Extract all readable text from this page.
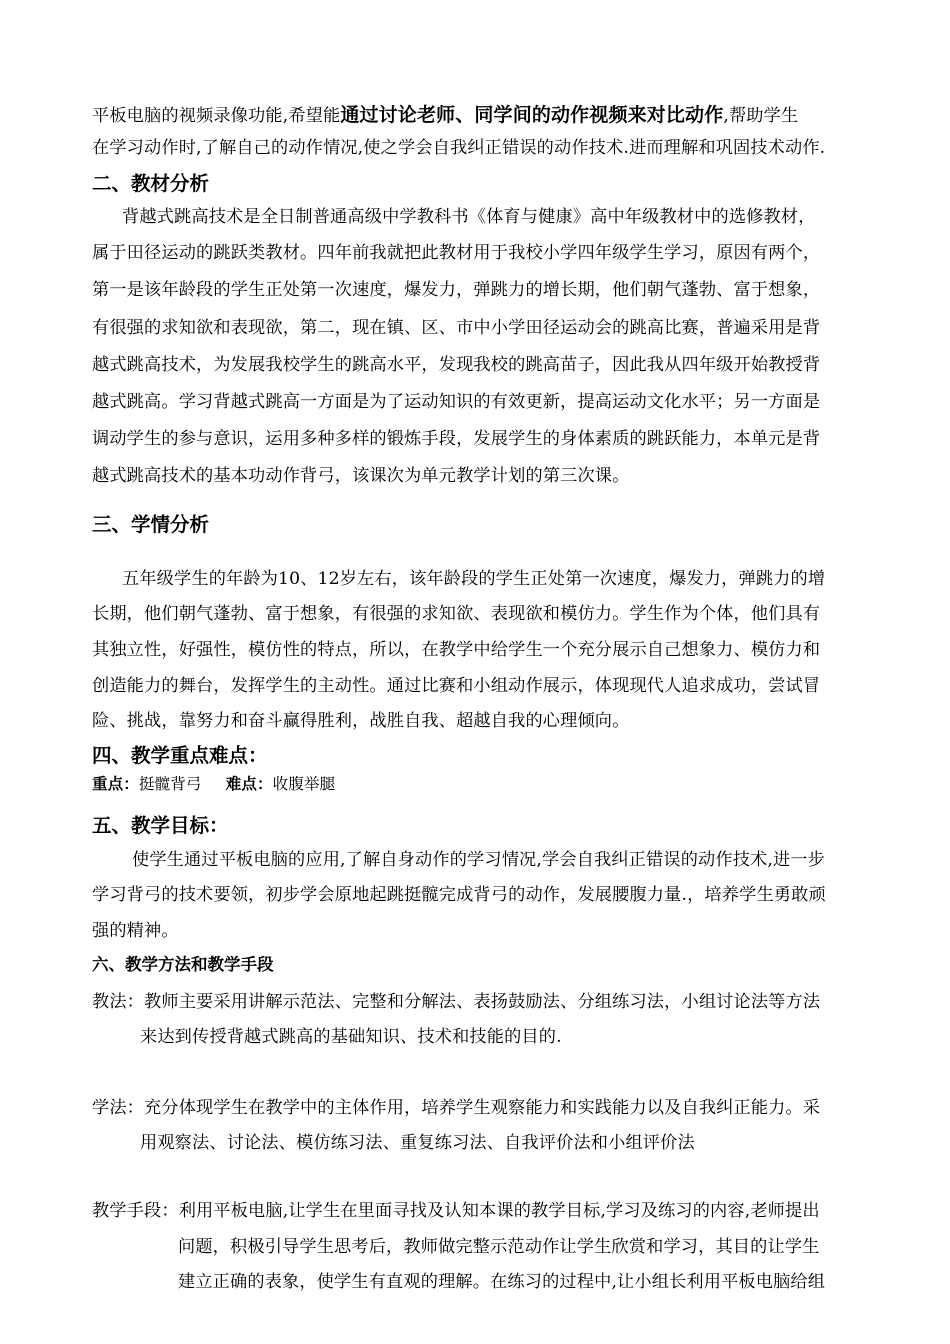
平板电脑的视频录像功能,希望能通过讨论老师、同学间的动作视频来对比动作,帮助学生
在学习动作时,了解自己的动作情况,使之学会自我纠正错误的动作技术.进而理解和巩固技术动作.
二、教材分析
背越式跳高技术是全日制普通高级中学教科书《体育与健康》高中年级教材中的选修教材，
属于田径运动的跳跃类教材。四年前我就把此教材用于我校小学四年级学生学习，原因有两个，
第一是该年龄段的学生正处第一次速度，爆发力，弹跳力的增长期，他们朝气蓬勃、富于想象，
有很强的求知欲和表现欲，第二，现在镇、区、市中小学田径运动会的跳高比赛，普遍采用是背
越式跳高技术，为发展我校学生的跳高水平，发现我校的跳高苗子，因此我从四年级开始教授背
越式跳高。学习背越式跳高一方面是为了运动知识的有效更新，提高运动文化水平；另一方面是
调动学生的参与意识，运用多种多样的锻炼手段，发展学生的身体素质的跳跃能力，本单元是背
越式跳高技术的基本功动作背弓，该课次为单元教学计划的第三次课。
三、学情分析
五年级学生的年龄为10、12岁左右，该年龄段的学生正处第一次速度，爆发力，弹跳力的增
长期，他们朝气蓬勃、富于想象，有很强的求知欲、表现欲和模仿力。学生作为个体，他们具有
其独立性，好强性，模仿性的特点，所以，在教学中给学生一个充分展示自己想象力、模仿力和
创造能力的舞台，发挥学生的主动性。通过比赛和小组动作展示，体现现代人追求成功，尝试冒
险、挑战，靠努力和奋斗赢得胜利，战胜自我、超越自我的心理倾向。
四、教学重点难点：
重点：挺髋背弓 难点：收腹举腿
五、教学目标：
使学生通过平板电脑的应用,了解自身动作的学习情况,学会自我纠正错误的动作技术,进一步
学习背弓的技术要领，初步学会原地起跳挺髋完成背弓的动作，发展腰腹力量.，培养学生勇敢顽
强的精神。
六、教学方法和教学手段
教法：教师主要采用讲解示范法、完整和分解法、表扬鼓励法、分组练习法，小组讨论法等方法
来达到传授背越式跳高的基础知识、技术和技能的目的.
学法：充分体现学生在教学中的主体作用，培养学生观察能力和实践能力以及自我纠正能力。采
用观察法、讨论法、模仿练习法、重复练习法、自我评价法和小组评价法
教学手段：利用平板电脑,让学生在里面寻找及认知本课的教学目标,学习及练习的内容,老师提出
问题，积极引导学生思考后，教师做完整示范动作让学生欣赏和学习，其目的让学生
建立正确的表象，使学生有直观的理解。在练习的过程中,让小组长利用平板电脑给组
